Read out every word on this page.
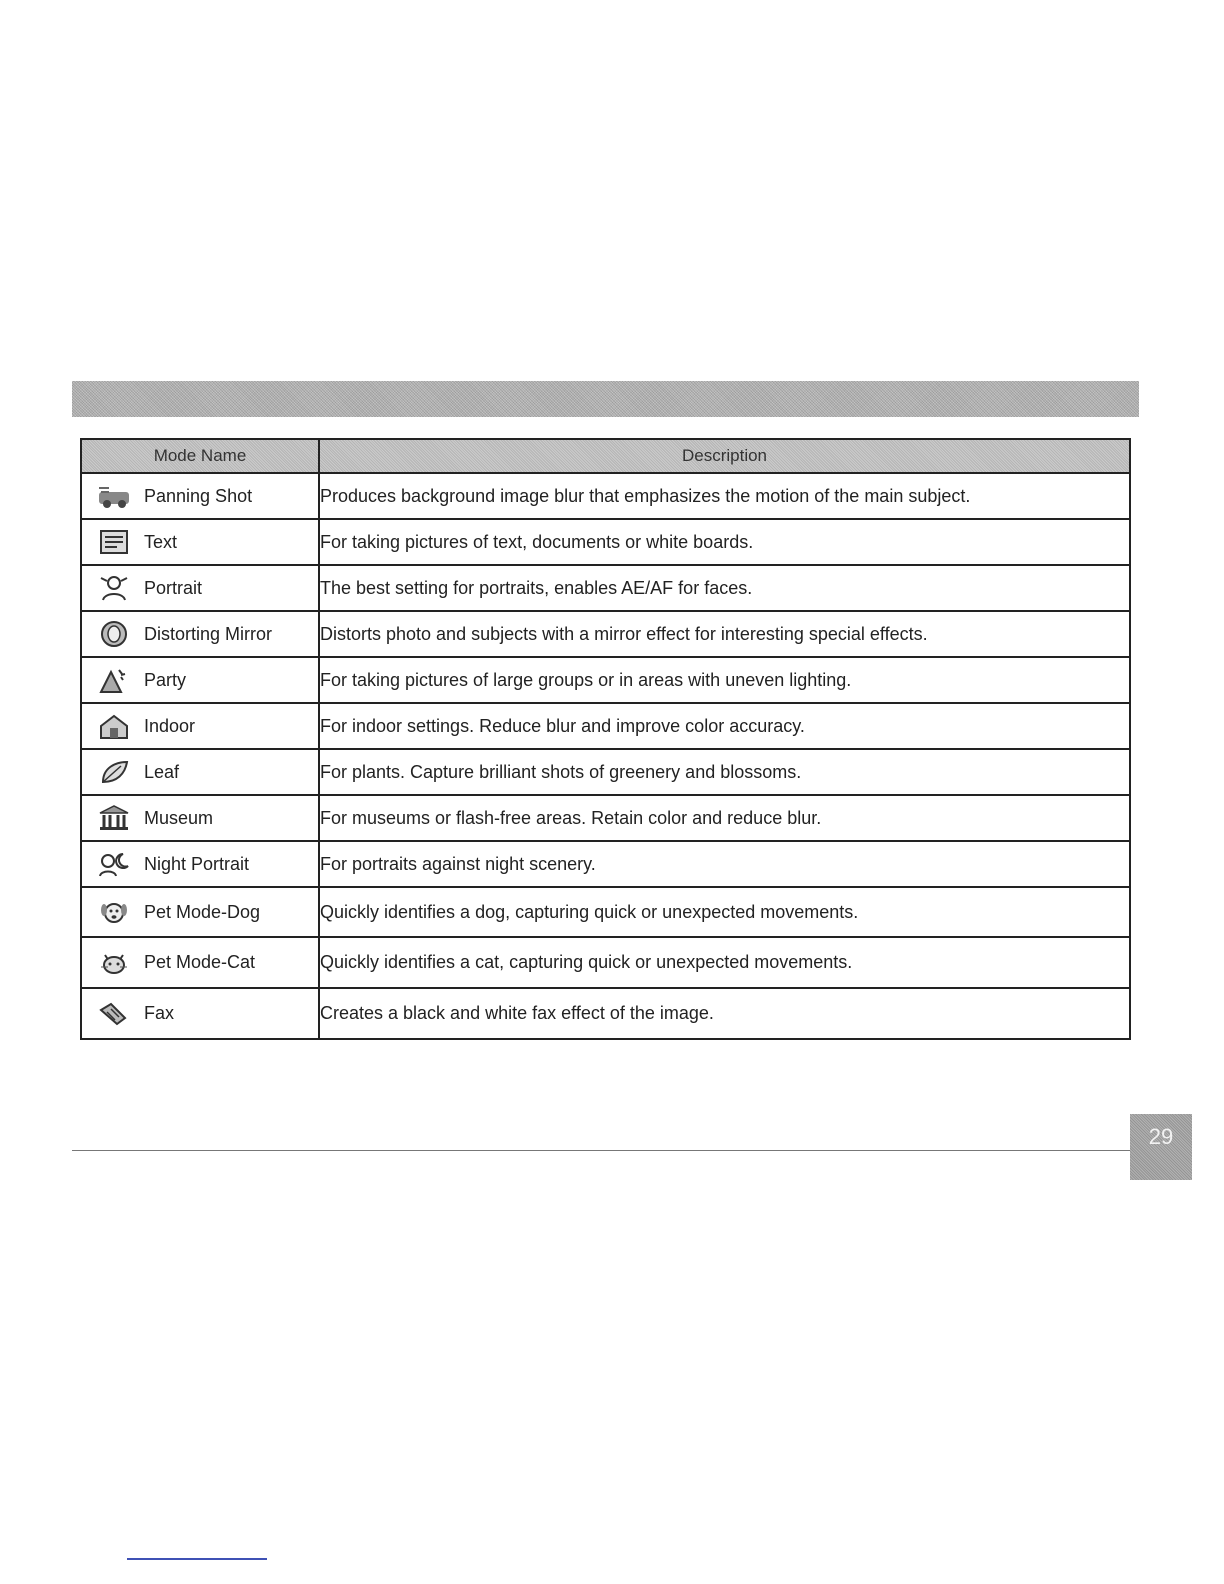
Mode Name	Description

Panning Shot	Produces background image blur that emphasizes the motion of the main subject.

Text	For taking pictures of text, documents or white boards.

Portrait	The best setting for portraits, enables AE/AF for faces.

Distorting Mirror	Distorts photo and subjects with a mirror effect for interesting special effects.

Party	For taking pictures of large groups or in areas with uneven lighting.

Indoor	For indoor settings. Reduce blur and improve color accuracy.

Leaf	For plants. Capture brilliant shots of greenery and blossoms.

Museum	For museums or flash-free areas. Retain color and reduce blur.

Night Portrait	For portraits against night scenery.

Pet Mode-Dog	Quickly identifies a dog, capturing quick or unexpected movements.

Pet Mode-Cat	Quickly identifies a cat, capturing quick or unexpected movements.

Fax	Creates a black and white fax effect of the image.
29
